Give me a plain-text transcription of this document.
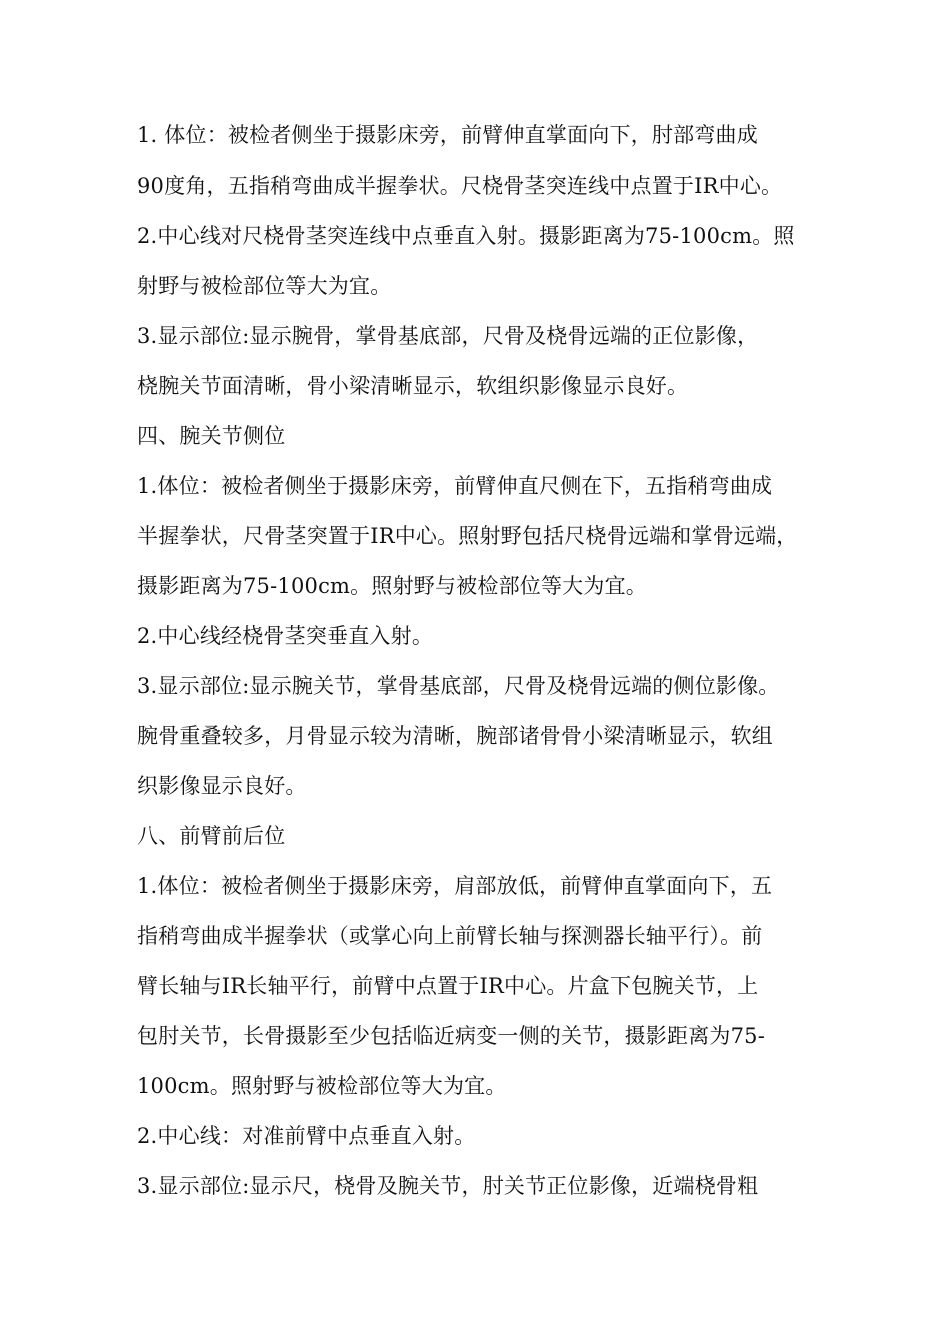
1. 体位：被检者侧坐于摄影床旁，前臂伸直掌面向下，肘部弯曲成
90度角，五指稍弯曲成半握拳状。尺桡骨茎突连线中点置于IR中心。
2.中心线对尺桡骨茎突连线中点垂直入射。摄影距离为75-100cm。照
射野与被检部位等大为宜。
3.显示部位:显示腕骨，掌骨基底部，尺骨及桡骨远端的正位影像，
桡腕关节面清晰，骨小梁清晰显示，软组织影像显示良好。
四、腕关节侧位
1.体位：被检者侧坐于摄影床旁，前臂伸直尺侧在下，五指稍弯曲成
半握拳状，尺骨茎突置于IR中心。照射野包括尺桡骨远端和掌骨远端，
摄影距离为75-100cm。照射野与被检部位等大为宜。
2.中心线经桡骨茎突垂直入射。
3.显示部位:显示腕关节，掌骨基底部，尺骨及桡骨远端的侧位影像。
腕骨重叠较多，月骨显示较为清晰，腕部诸骨骨小梁清晰显示，软组
织影像显示良好。
八、前臂前后位
1.体位：被检者侧坐于摄影床旁，肩部放低，前臂伸直掌面向下，五
指稍弯曲成半握拳状（或掌心向上前臂长轴与探测器长轴平行）。前
臂长轴与IR长轴平行，前臂中点置于IR中心。片盒下包腕关节，上
包肘关节，长骨摄影至少包括临近病变一侧的关节，摄影距离为75-
100cm。照射野与被检部位等大为宜。
2.中心线：对准前臂中点垂直入射。
3.显示部位:显示尺，桡骨及腕关节，肘关节正位影像，近端桡骨粗
